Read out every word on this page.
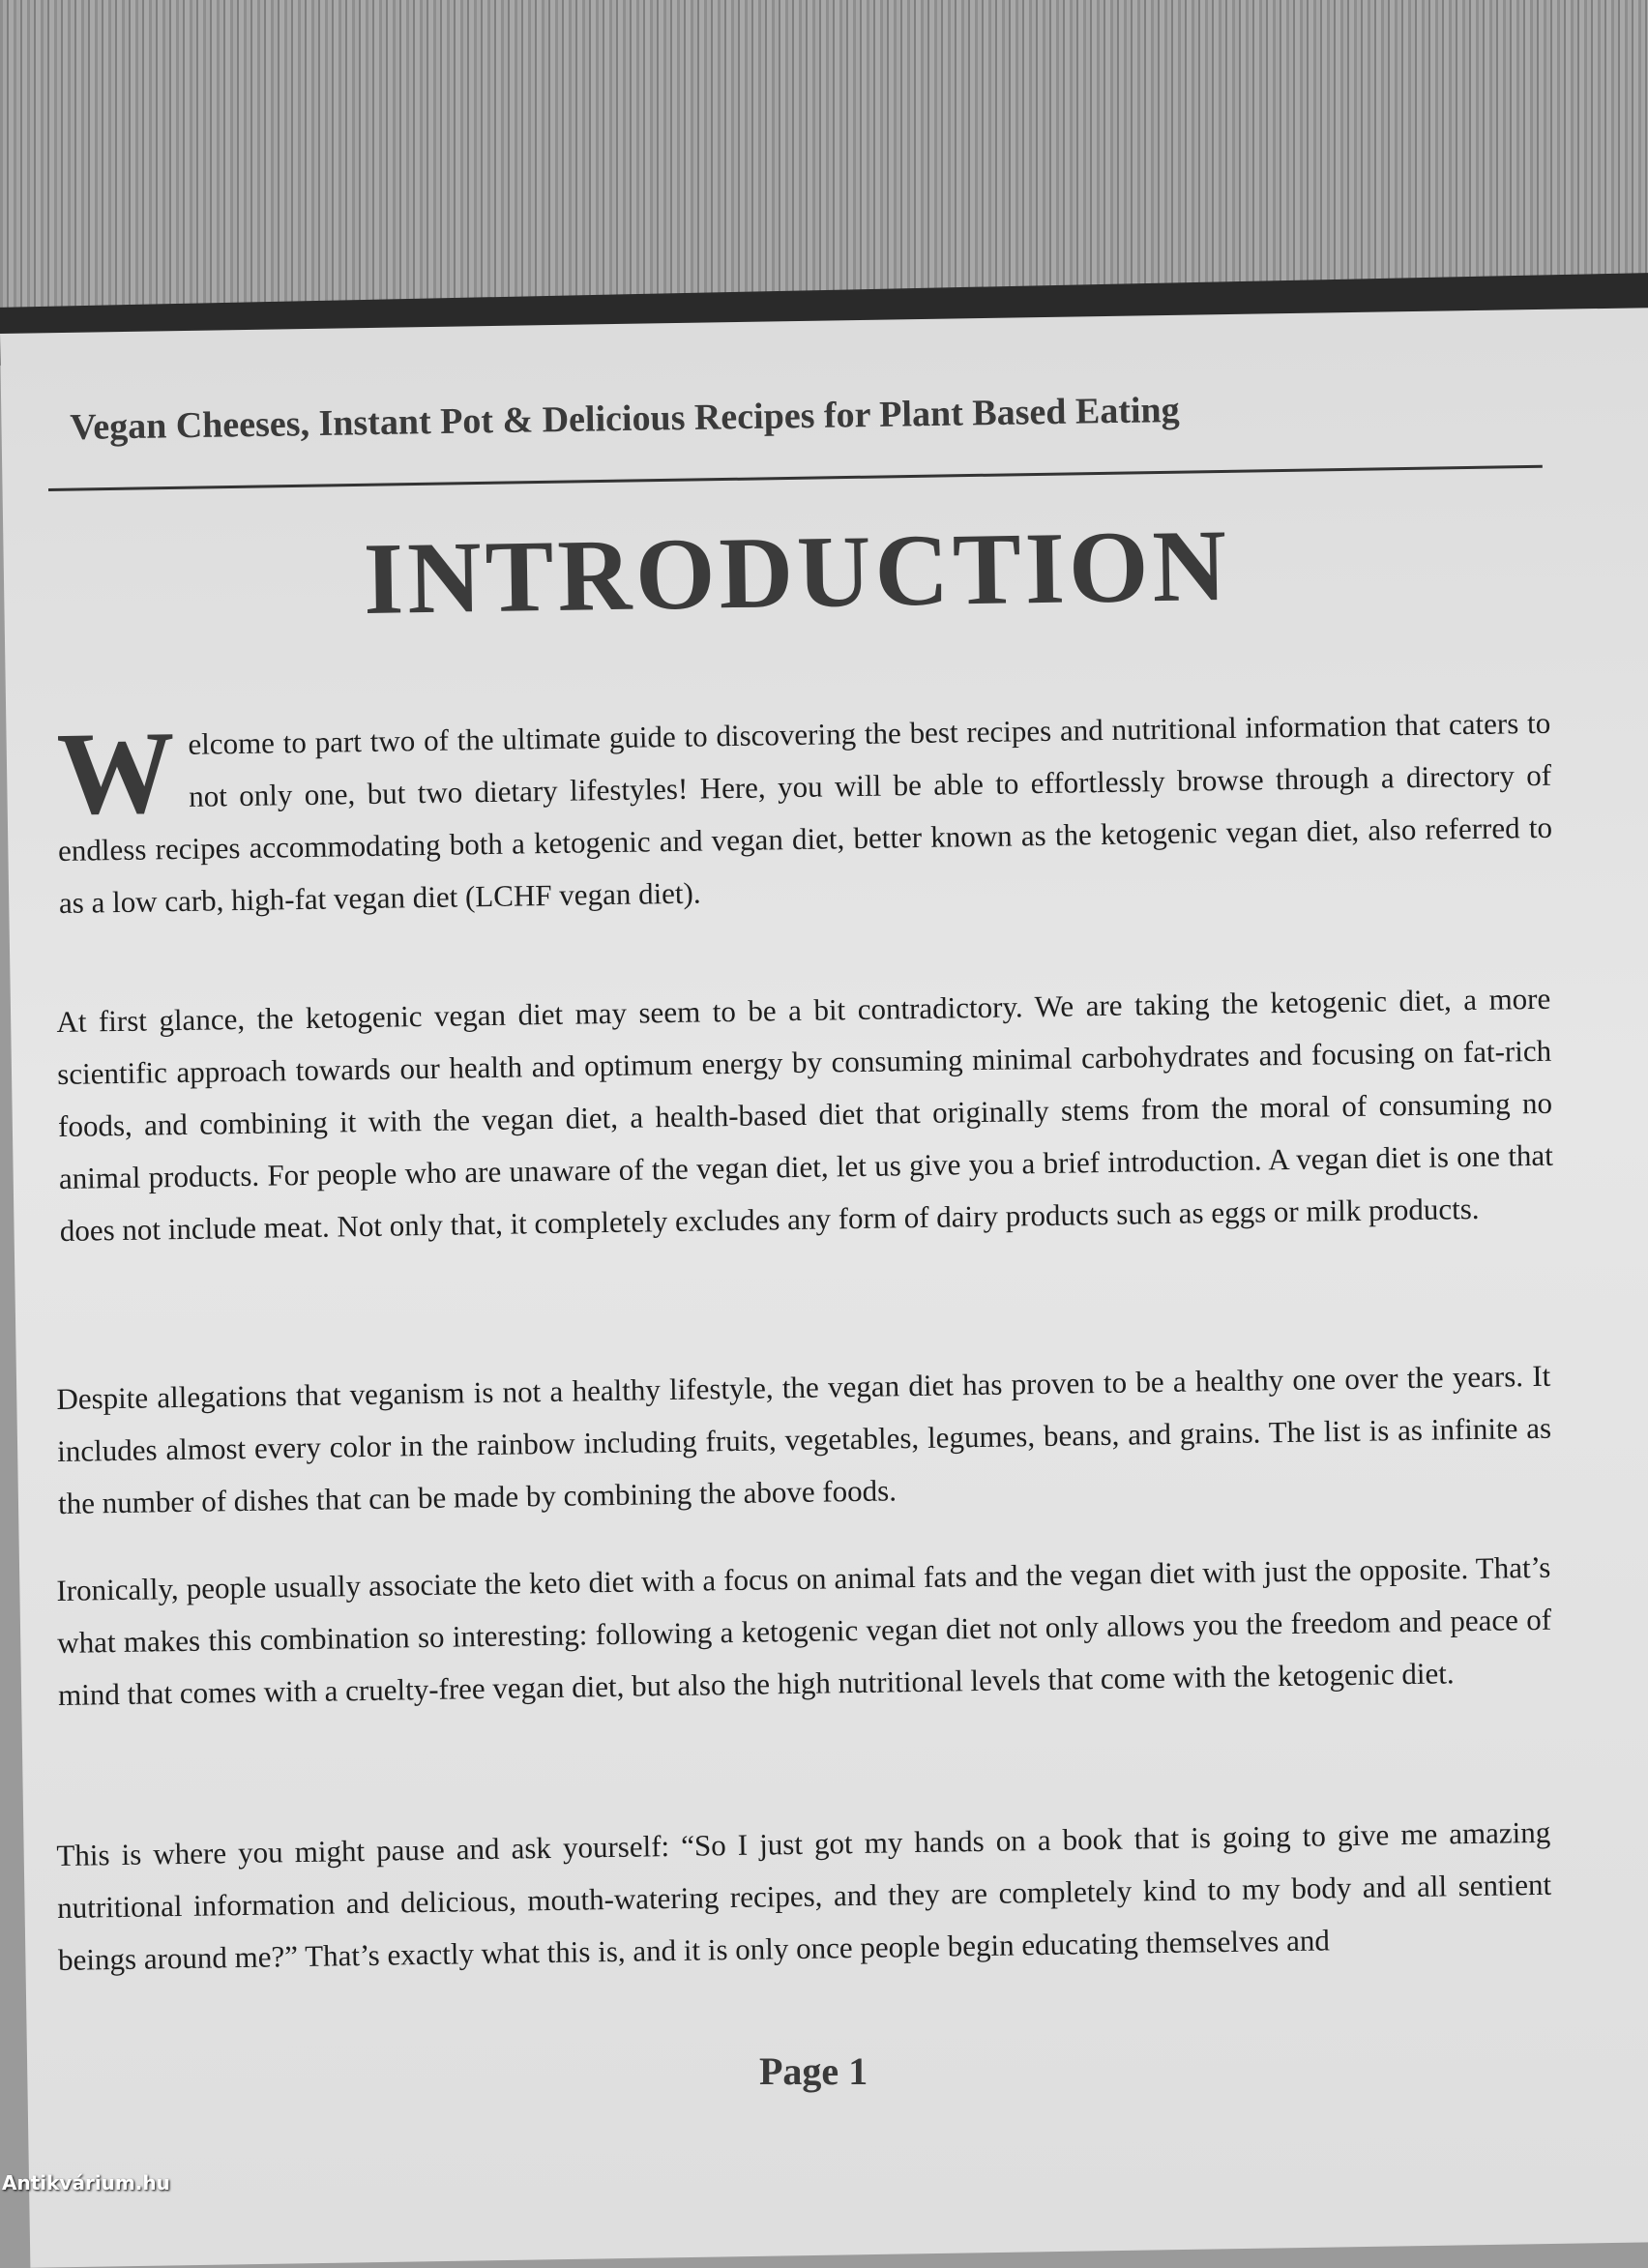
Vegan Cheeses, Instant Pot & Delicious Recipes for Plant Based Eating
INTRODUCTION
Welcome to part two of the ultimate guide to discovering the best recipes and nutritional information that caters to not only one, but two dietary lifestyles! Here, you will be able to effortlessly browse through a directory of endless recipes accommodating both a ketogenic and vegan diet, better known as the ketogenic vegan diet, also referred to as a low carb, high-fat vegan diet (LCHF vegan diet).
At first glance, the ketogenic vegan diet may seem to be a bit contradictory. We are taking the ketogenic diet, a more scientific approach towards our health and optimum energy by consuming minimal carbohydrates and focusing on fat-rich foods, and combining it with the vegan diet, a health-based diet that originally stems from the moral of consuming no animal products. For people who are unaware of the vegan diet, let us give you a brief introduction. A vegan diet is one that does not include meat. Not only that, it completely excludes any form of dairy products such as eggs or milk products.
Despite allegations that veganism is not a healthy lifestyle, the vegan diet has proven to be a healthy one over the years. It includes almost every color in the rainbow including fruits, vegetables, legumes, beans, and grains. The list is as infinite as the number of dishes that can be made by combining the above foods.
Ironically, people usually associate the keto diet with a focus on animal fats and the vegan diet with just the opposite. That’s what makes this combination so interesting: following a ketogenic vegan diet not only allows you the freedom and peace of mind that comes with a cruelty-free vegan diet, but also the high nutritional levels that come with the ketogenic diet.
This is where you might pause and ask yourself: “So I just got my hands on a book that is going to give me amazing nutritional information and delicious, mouth-watering recipes, and they are completely kind to my body and all sentient beings around me?” That’s exactly what this is, and it is only once people begin educating themselves and
Page 1
Antikvárium.hu
